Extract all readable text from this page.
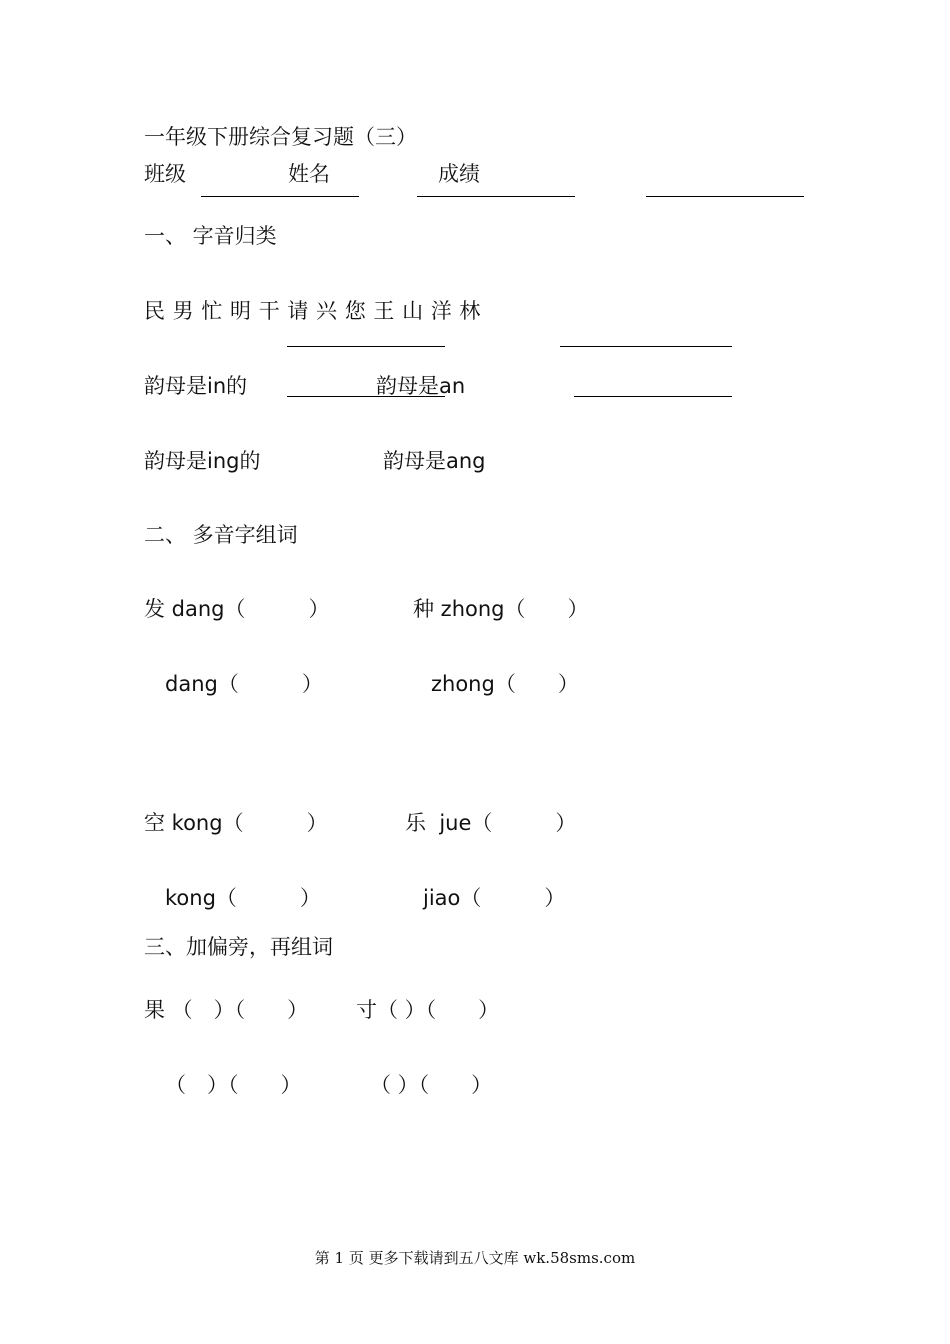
一年级下册综合复习题（三）
班级	姓名	成绩
一、 字音归类
民 男 忙 明 干 请 兴 您 王 山 洋 林
韵母是in的	韵母是an
韵母是ing的	韵母是ang
二、 多音字组词
发 dang（　　　）	种 zhong（　　）
dang（　　　）	zhong（　　）
空 kong（　　　）	乐  jue（　　　）
kong（　　　）	jiao（　　　）
三、加偏旁，再组词
果 （　）（　　） 寸（ ）（　　）
（　）（　　）	（ ）（　　）
第 1 页 更多下载请到五八文库 wk.58sms.com
